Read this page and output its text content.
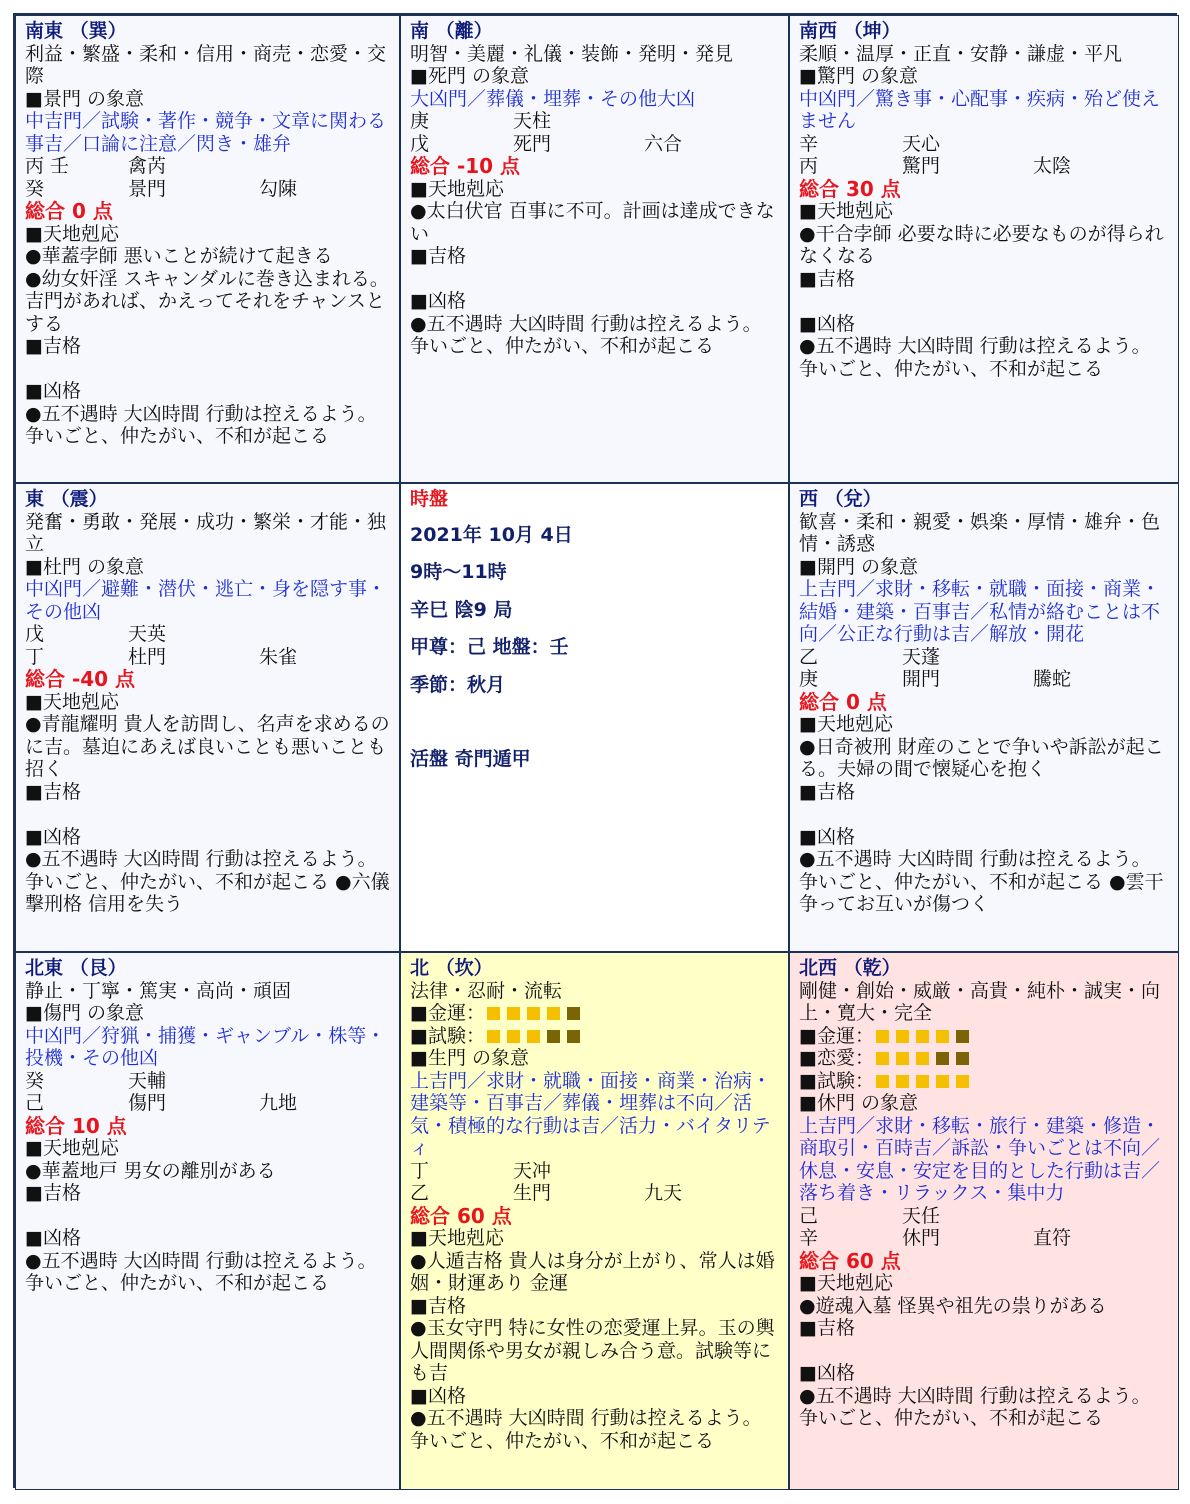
南東 （巽）
利益・繁盛・柔和・信用・商売・恋愛・交際
■景門 の象意
中吉門／試験・著作・競争・文章に関わる事吉／口論に注意／閃き・雄弁
丙 壬	禽芮
癸	景門	勾陳
総合 0 点
■天地剋応
●華蓋孛師 悪いことが続けて起きる
●幼女奸淫 スキャンダルに巻き込まれる。吉門があれば、かえってそれをチャンスとする
■吉格
■凶格
●五不遇時 大凶時間 行動は控えるよう。 争いごと、仲たがい、不和が起こる
南 （離）
明智・美麗・礼儀・装飾・発明・発見
■死門 の象意
大凶門／葬儀・埋葬・その他大凶
庚	天柱
戊	死門	六合
総合 -10 点
■天地剋応
●太白伏官 百事に不可。計画は達成できない
■吉格
■凶格
●五不遇時 大凶時間 行動は控えるよう。 争いごと、仲たがい、不和が起こる
南西 （坤）
柔順・温厚・正直・安静・謙虚・平凡
■驚門 の象意
中凶門／驚き事・心配事・疾病・殆ど使えません
辛	天心
丙	驚門	太陰
総合 30 点
■天地剋応
●干合孛師 必要な時に必要なものが得られなくなる
■吉格
■凶格
●五不遇時 大凶時間 行動は控えるよう。 争いごと、仲たがい、不和が起こる
東 （震）
発奮・勇敢・発展・成功・繁栄・才能・独立
■杜門 の象意
中凶門／避難・潜伏・逃亡・身を隠す事・その他凶
戊	天英
丁	杜門	朱雀
総合 -40 点
■天地剋応
●青龍耀明 貴人を訪問し、名声を求めるのに吉。墓迫にあえば良いことも悪いことも招く
■吉格
■凶格
●五不遇時 大凶時間 行動は控えるよう。 争いごと、仲たがい、不和が起こる ●六儀撃刑格 信用を失う
時盤
2021年 10月 4日
9時～11時
辛巳 陰9 局
甲尊：己 地盤：壬
季節：秋月
活盤 奇門遁甲
西 （兌）
歓喜・柔和・親愛・娯楽・厚情・雄弁・色情・誘惑
■開門 の象意
上吉門／求財・移転・就職・面接・商業・結婚・建築・百事吉／私情が絡むことは不向／公正な行動は吉／解放・開花
乙	天蓬
庚	開門	騰蛇
総合 0 点
■天地剋応
●日奇被刑 財産のことで争いや訴訟が起こる。夫婦の間で懐疑心を抱く
■吉格
■凶格
●五不遇時 大凶時間 行動は控えるよう。 争いごと、仲たがい、不和が起こる ●雲干 争ってお互いが傷つく
北東 （艮）
静止・丁寧・篤実・高尚・頑固
■傷門 の象意
中凶門／狩猟・捕獲・ギャンブル・株等・投機・その他凶
癸	天輔
己	傷門	九地
総合 10 点
■天地剋応
●華蓋地戸 男女の離別がある
■吉格
■凶格
●五不遇時 大凶時間 行動は控えるよう。 争いごと、仲たがい、不和が起こる
北 （坎）
法律・忍耐・流転
■金運：
■試験：
■生門 の象意
上吉門／求財・就職・面接・商業・治病・建築等・百事吉／葬儀・埋葬は不向／活気・積極的な行動は吉／活力・バイタリティ
丁	天冲
乙	生門	九天
総合 60 点
■天地剋応
●人遁吉格 貴人は身分が上がり、常人は婚姻・財運あり 金運
■吉格
●玉女守門 特に女性の恋愛運上昇。玉の輿 人間関係や男女が親しみ合う意。試験等にも吉
■凶格
●五不遇時 大凶時間 行動は控えるよう。 争いごと、仲たがい、不和が起こる
北西 （乾）
剛健・創始・威厳・高貴・純朴・誠実・向上・寛大・完全
■金運：
■恋愛：
■試験：
■休門 の象意
上吉門／求財・移転・旅行・建築・修造・商取引・百時吉／訴訟・争いごとは不向／休息・安息・安定を目的とした行動は吉／落ち着き・リラックス・集中力
己	天任
辛	休門	直符
総合 60 点
■天地剋応
●遊魂入墓 怪異や祖先の祟りがある
■吉格
■凶格
●五不遇時 大凶時間 行動は控えるよう。 争いごと、仲たがい、不和が起こる
